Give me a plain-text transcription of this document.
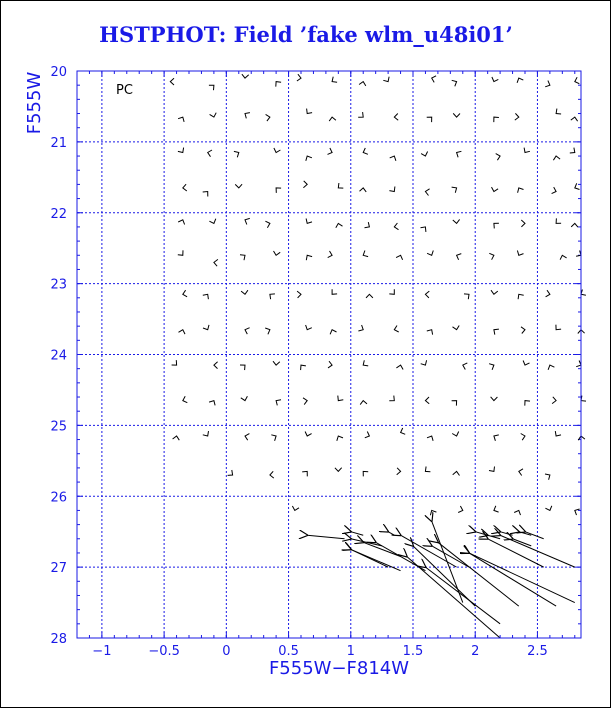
HSTPHOT: Field ’fake wlm_u48i01’
−1	−0.5	0	0.5	1	1.5	2	2.5
20
21
22
23
24
25
26
27
28
PC
F555W−F814W
F555W
